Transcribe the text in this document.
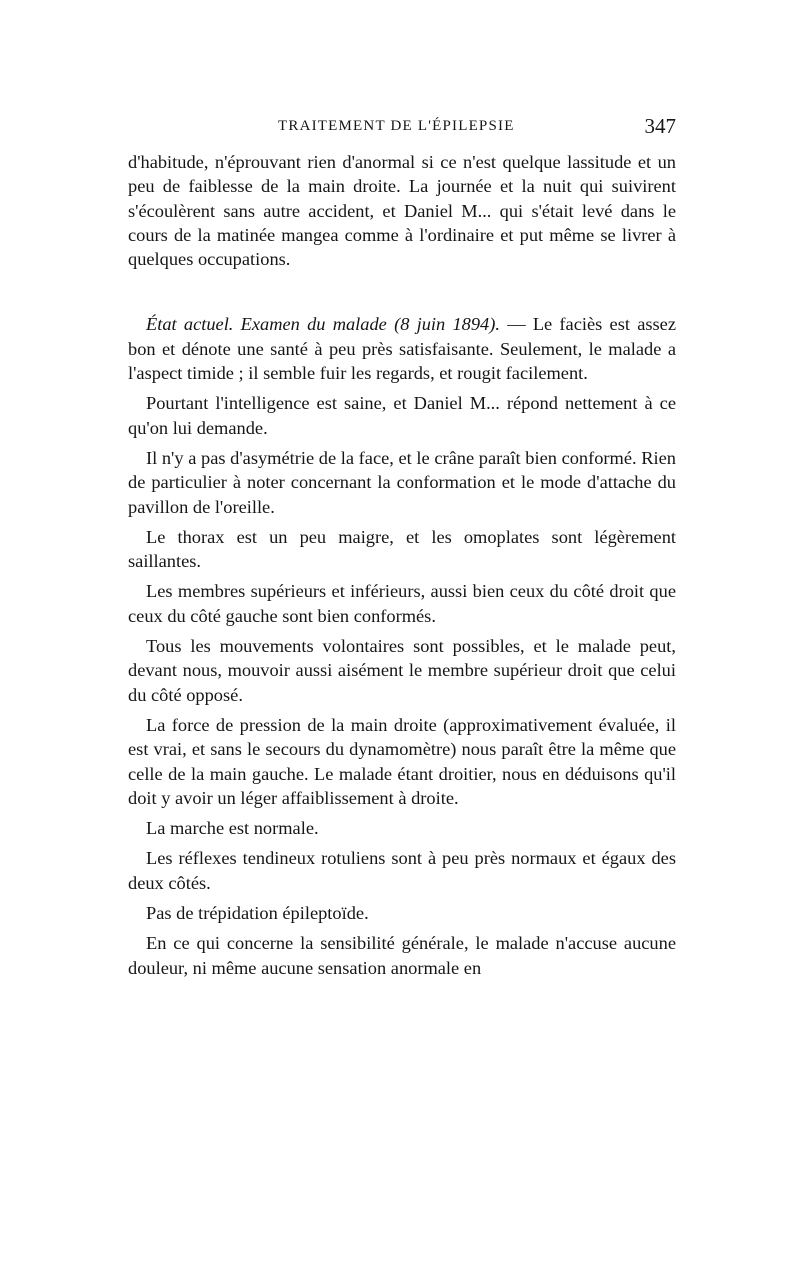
TRAITEMENT DE L'ÉPILEPSIE	347

d'habitude, n'éprouvant rien d'anormal si ce n'est quelque lassitude et un peu de faiblesse de la main droite. La journée et la nuit qui suivirent s'écoulèrent sans autre accident, et Daniel M... qui s'était levé dans le cours de la matinée mangea comme à l'ordinaire et put même se livrer à quelques occupations.

État actuel. Examen du malade (8 juin 1894). — Le faciès est assez bon et dénote une santé à peu près satisfaisante. Seulement, le malade a l'aspect timide ; il semble fuir les regards, et rougit facilement.

Pourtant l'intelligence est saine, et Daniel M... répond nettement à ce qu'on lui demande.

Il n'y a pas d'asymétrie de la face, et le crâne paraît bien conformé. Rien de particulier à noter concernant la conformation et le mode d'attache du pavillon de l'oreille.

Le thorax est un peu maigre, et les omoplates sont légèrement saillantes.

Les membres supérieurs et inférieurs, aussi bien ceux du côté droit que ceux du côté gauche sont bien conformés.

Tous les mouvements volontaires sont possibles, et le malade peut, devant nous, mouvoir aussi aisément le membre supérieur droit que celui du côté opposé.

La force de pression de la main droite (approximativement évaluée, il est vrai, et sans le secours du dynamomètre) nous paraît être la même que celle de la main gauche. Le malade étant droitier, nous en déduisons qu'il doit y avoir un léger affaiblissement à droite.

La marche est normale.

Les réflexes tendineux rotuliens sont à peu près normaux et égaux des deux côtés.

Pas de trépidation épileptoïde.

En ce qui concerne la sensibilité générale, le malade n'accuse aucune douleur, ni même aucune sensation anormale en
